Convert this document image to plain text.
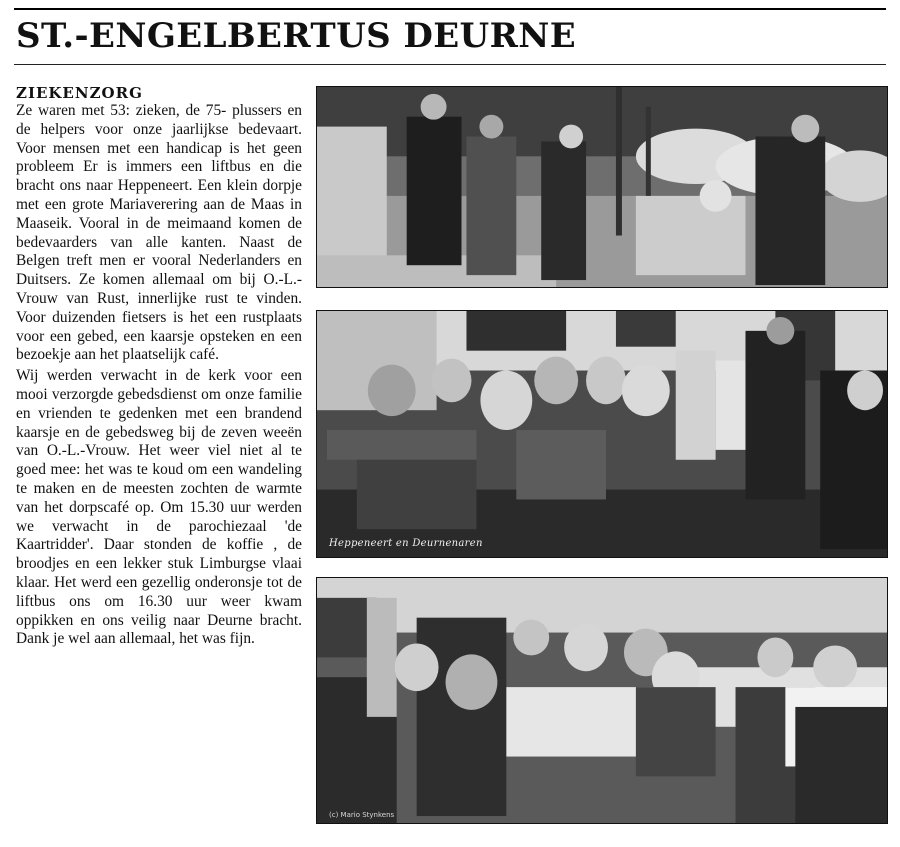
ST.-ENGELBERTUS DEURNE
ZIEKENZORG

Ze waren met 53: zieken, de 75- plussers en de helpers voor onze jaarlijkse bedevaart. Voor mensen met een handicap is het geen probleem Er is immers een liftbus en die bracht ons naar Heppeneert. Een klein dorpje met een grote Mariaverering aan de Maas in Maaseik. Vooral in de meimaand komen de bedevaarders van alle kanten. Naast de Belgen treft men er vooral Nederlanders en Duitsers. Ze komen allemaal om bij O.-L.-Vrouw van Rust, innerlijke rust te vinden. Voor duizenden fietsers is het een rustplaats voor een gebed, een kaarsje opsteken en een bezoekje aan het plaatselijk café.

Wij werden verwacht in de kerk voor een mooi verzorgde gebedsdienst om onze familie en vrienden te gedenken met een brandend kaarsje en de gebedsweg bij de zeven weeën van O.-L.-Vrouw. Het weer viel niet al te goed mee: het was te koud om een wandeling te maken en de meesten zochten de warmte van het dorpscafé op. Om 15.30 uur werden we verwacht in de parochiezaal 'de Kaartridder'. Daar stonden de koffie , de broodjes en een lekker stuk Limburgse vlaai klaar. Het werd een gezellig onderonsje tot de liftbus ons om 16.30 uur weer kwam oppikken en ons veilig naar Deurne bracht. Dank je wel aan allemaal, het was fijn.

Heppeneert en Deurnenaren
(c) Mario Stynkens
